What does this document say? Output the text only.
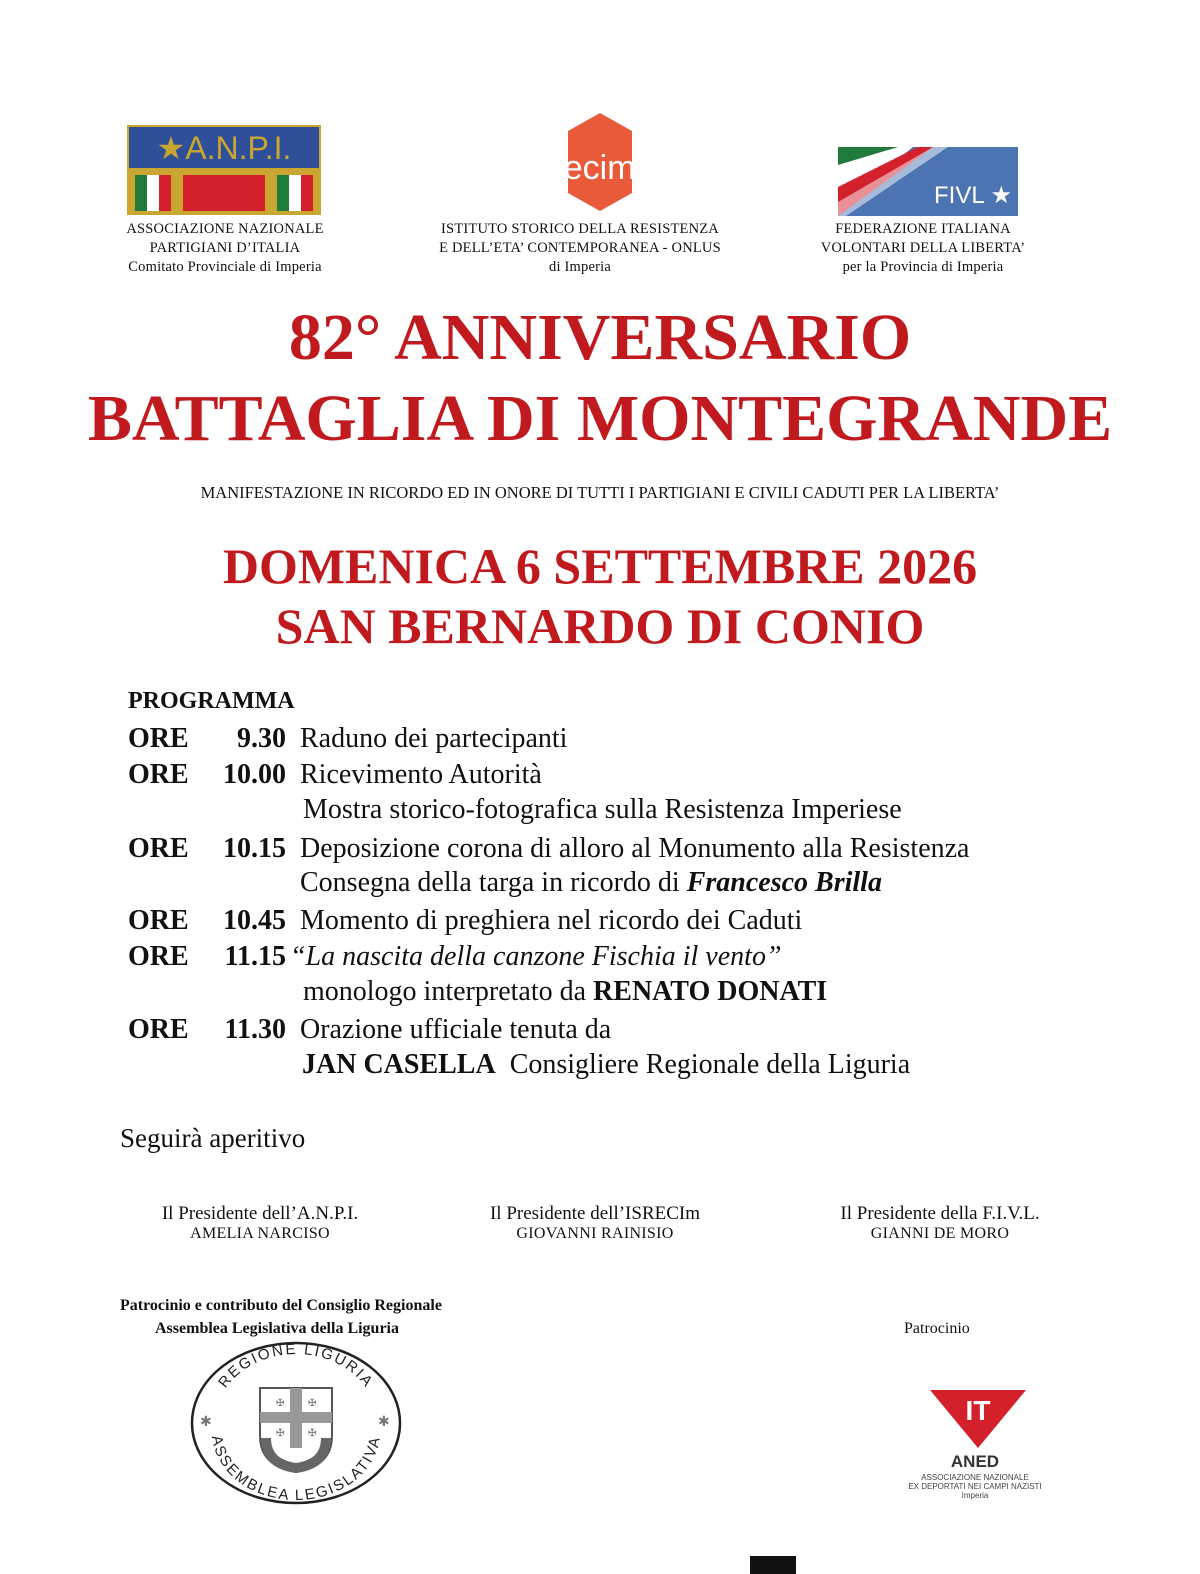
★A.N.P.I.
ASSOCIAZIONE NAZIONALE
PARTIGIANI D’ITALIA
Comitato Provinciale di Imperia
Isrecim
ISTITUTO STORICO DELLA RESISTENZA
E DELL’ETA’ CONTEMPORANEA - ONLUS
di Imperia
FIVL ★
FEDERAZIONE ITALIANA
VOLONTARI DELLA LIBERTA’
per la Provincia di Imperia
82° ANNIVERSARIO
BATTAGLIA DI MONTEGRANDE
MANIFESTAZIONE IN RICORDO ED IN ONORE DI TUTTI I PARTIGIANI E CIVILI CADUTI PER LA LIBERTA’
DOMENICA 6 SETTEMBRE 2026
SAN BERNARDO DI CONIO
PROGRAMMA
ORE 9.30 Raduno dei partecipanti
ORE 10.00 Ricevimento Autorità
Mostra storico-fotografica sulla Resistenza Imperiese
ORE 10.15 Deposizione corona di alloro al Monumento alla Resistenza
Consegna della targa in ricordo di Francesco Brilla
ORE 10.45 Momento di preghiera nel ricordo dei Caduti
ORE 11.15 “La nascita della canzone Fischia il vento”
monologo interpretato da RENATO DONATI
ORE 11.30 Orazione ufficiale tenuta da
JAN CASELLA  Consigliere Regionale della Liguria
Seguirà aperitivo
Il Presidente dell’A.N.P.I.
AMELIA NARCISO
Il Presidente dell’ISRECIm
GIOVANNI RAINISIO
Il Presidente della F.I.V.L.
GIANNI DE MORO
Patrocinio e contributo del Consiglio Regionale
Assemblea Legislativa della Liguria	Patrocinio
REGIONE LIGURIA
ASSEMBLEA LEGISLATIVA
✠ ✠
✠ ✠
✱	✱	IT
ANED
ASSOCIAZIONE NAZIONALE
EX DEPORTATI NEI CAMPI NAZISTI
Imperia
